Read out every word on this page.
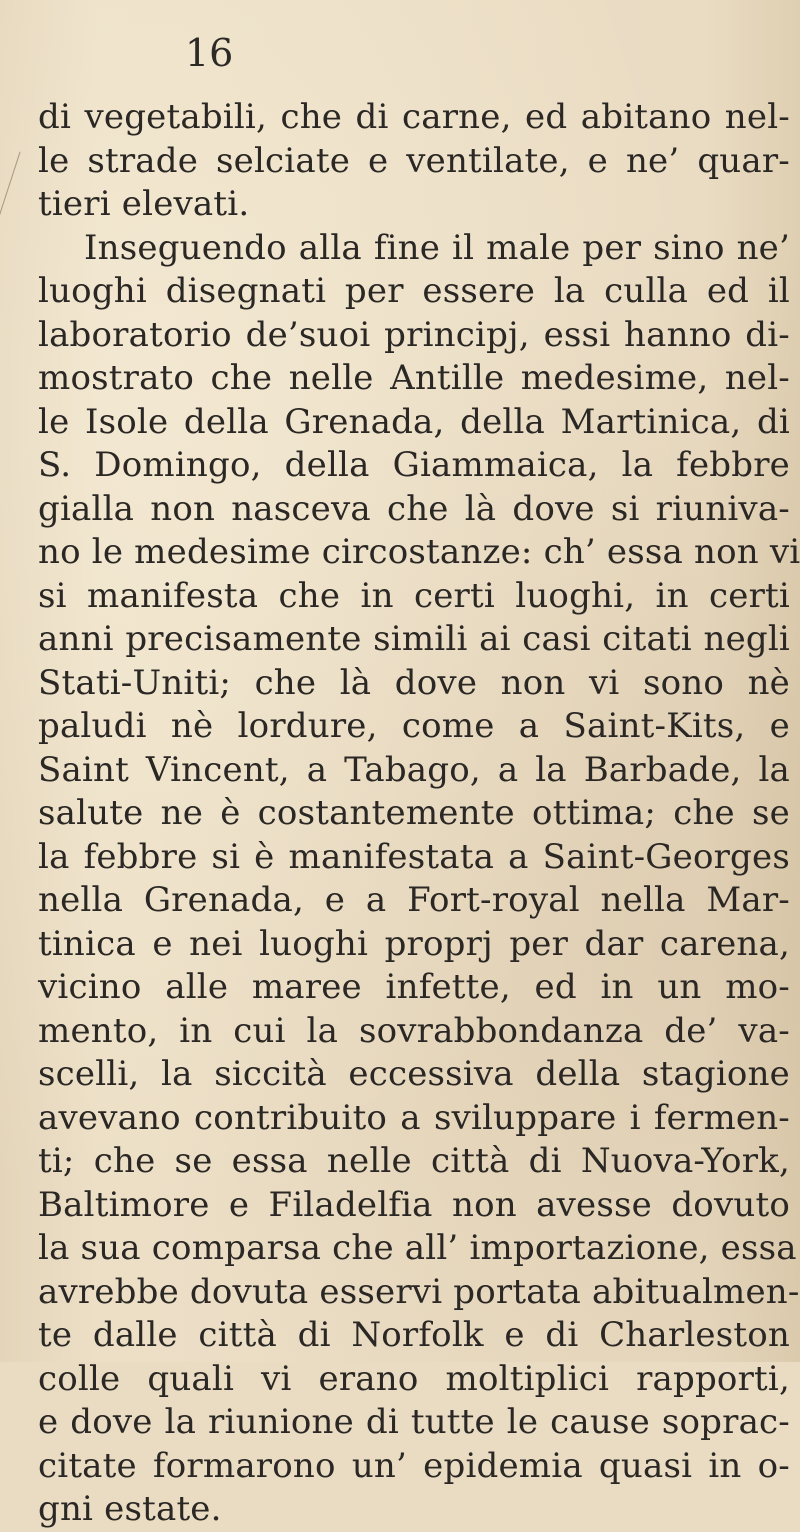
16

di vegetabili, che di carne, ed abitano nel-
le strade selciate e ventilate, e ne’ quar-
tieri elevati.
Inseguendo alla fine il male per sino ne’
luoghi disegnati per essere la culla ed il
laboratorio de’suoi principj, essi hanno di-
mostrato che nelle Antille medesime, nel-
le Isole della Grenada, della Martinica, di
S. Domingo, della Giammaica, la febbre
gialla non nasceva che là dove si riuniva-
no le medesime circostanze: ch’ essa non vi
si manifesta che in certi luoghi, in certi
anni precisamente simili ai casi citati negli
Stati-Uniti; che là dove non vi sono nè
paludi nè lordure, come a Saint-Kits, e
Saint Vincent, a Tabago, a la Barbade, la
salute ne è costantemente ottima; che se
la febbre si è manifestata a Saint-Georges
nella Grenada, e a Fort-royal nella Mar-
tinica e nei luoghi proprj per dar carena,
vicino alle maree infette, ed in un mo-
mento, in cui la sovrabbondanza de’ va-
scelli, la siccità eccessiva della stagione
avevano contribuito a sviluppare i fermen-
ti; che se essa nelle città di Nuova-York,
Baltimore e Filadelfia non avesse dovuto
la sua comparsa che all’ importazione, essa
avrebbe dovuta esservi portata abitualmen-
te dalle città di Norfolk e di Charleston
colle quali vi erano moltiplici rapporti,
e dove la riunione di tutte le cause soprac-
citate formarono un’ epidemia quasi in o-
gni estate.
